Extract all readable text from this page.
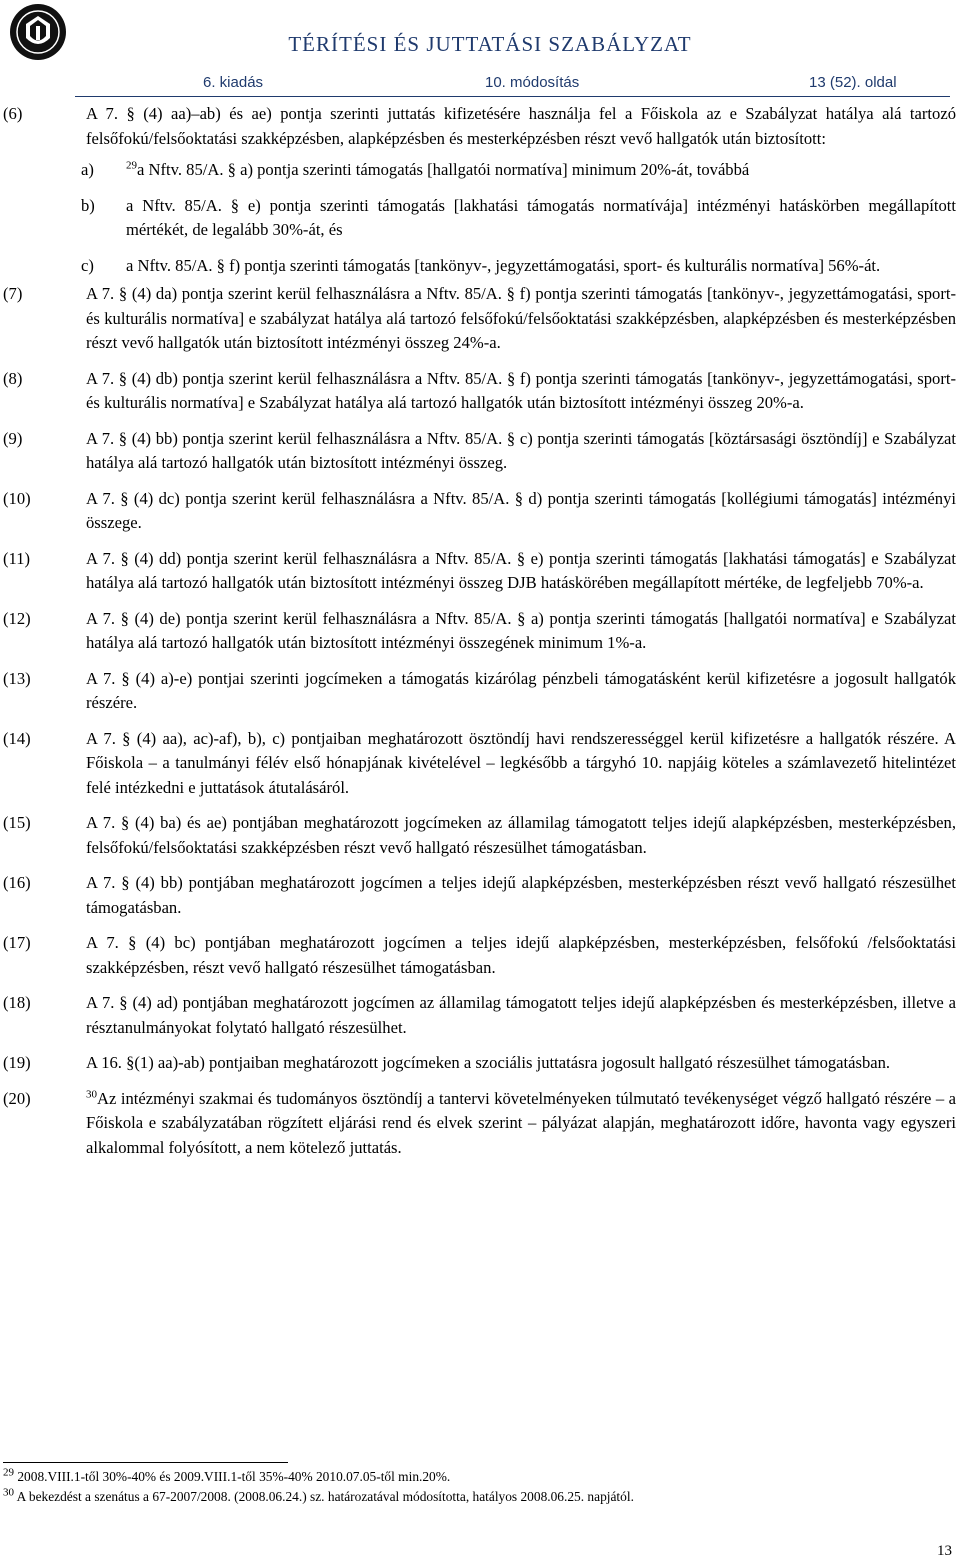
TÉRÍTÉSI ÉS JUTTATÁSI SZABÁLYZAT
6. kiadás	10. módosítás	13 (52). oldal
(6)	A 7. § (4) aa)–ab) és ae) pontja szerinti juttatás kifizetésére használja fel a Főiskola az e Szabályzat hatálya alá tartozó felsőfokú/felsőoktatási szakképzésben, alapképzésben és mesterképzésben részt vevő hallgatók után biztosított:
a)	$^{29}$a Nftv. 85/A. § a) pontja szerinti támogatás [hallgatói normatíva] minimum 20%-át, továbbá
b)	a Nftv. 85/A. § e) pontja szerinti támogatás [lakhatási támogatás normatívája] intézményi hatáskörben megállapított mértékét, de legalább 30%-át, és
c)	a Nftv. 85/A. § f) pontja szerinti támogatás [tankönyv-, jegyzettámogatási, sport- és kulturális normatíva] 56%-át.
(7)	A 7. § (4) da) pontja szerint kerül felhasználásra a Nftv. 85/A. § f) pontja szerinti támogatás [tankönyv-, jegyzettámogatási, sport- és kulturális normatíva] e szabályzat hatálya alá tartozó felsőfokú/felsőoktatási szakképzésben, alapképzésben és mesterképzésben részt vevő hallgatók után biztosított intézményi összeg 24%-a.
(8)	A 7. § (4) db) pontja szerint kerül felhasználásra a Nftv. 85/A. § f) pontja szerinti támogatás [tankönyv-, jegyzettámogatási, sport- és kulturális normatíva] e Szabályzat hatálya alá tartozó hallgatók után biztosított intézményi összeg 20%-a.
(9)	A 7. § (4) bb) pontja szerint kerül felhasználásra a Nftv. 85/A. § c) pontja szerinti támogatás [köztársasági ösztöndíj] e Szabályzat hatálya alá tartozó hallgatók után biztosított intézményi összeg.
(10)	A 7. § (4) dc) pontja szerint kerül felhasználásra a Nftv. 85/A. § d) pontja szerinti támogatás [kollégiumi támogatás] intézményi összege.
(11)	A 7. § (4) dd) pontja szerint kerül felhasználásra a Nftv. 85/A. § e) pontja szerinti támogatás [lakhatási támogatás] e Szabályzat hatálya alá tartozó hallgatók után biztosított intézményi összeg DJB hatáskörében megállapított mértéke, de legfeljebb 70%-a.
(12)	A 7. § (4) de) pontja szerint kerül felhasználásra a Nftv. 85/A. § a) pontja szerinti támogatás [hallgatói normatíva] e Szabályzat hatálya alá tartozó hallgatók után biztosított intézményi összegének minimum 1%-a.
(13)	A 7. § (4) a)-e) pontjai szerinti jogcímeken a támogatás kizárólag pénzbeli támogatásként kerül kifizetésre a jogosult hallgatók részére.
(14)	A 7. § (4) aa), ac)-af), b), c) pontjaiban meghatározott ösztöndíj havi rendszerességgel kerül kifizetésre a hallgatók részére. A Főiskola – a tanulmányi félév első hónapjának kivételével – legkésőbb a tárgyhó 10. napjáig köteles a számlavezető hitelintézet felé intézkedni e juttatások átutalásáról.
(15)	A 7. § (4) ba) és ae) pontjában meghatározott jogcímeken az államilag támogatott teljes idejű alapképzésben, mesterképzésben, felsőfokú/felsőoktatási szakképzésben részt vevő hallgató részesülhet támogatásban.
(16)	A 7. § (4) bb) pontjában meghatározott jogcímen a teljes idejű alapképzésben, mesterképzésben részt vevő hallgató részesülhet támogatásban.
(17)	A 7. § (4) bc) pontjában meghatározott jogcímen a teljes idejű alapképzésben, mesterképzésben, felsőfokú /felsőoktatási szakképzésben, részt vevő hallgató részesülhet támogatásban.
(18)	A 7. § (4) ad) pontjában meghatározott jogcímen az államilag támogatott teljes idejű alapképzésben és mesterképzésben, illetve a résztanulmányokat folytató hallgató részesülhet.
(19)	A 16. §(1) aa)-ab) pontjaiban meghatározott jogcímeken a szociális juttatásra jogosult hallgató részesülhet támogatásban.
(20)	$^{30}$Az intézményi szakmai és tudományos ösztöndíj a tantervi követelményeken túlmutató tevékenységet végző hallgató részére – a Főiskola e szabályzatában rögzített eljárási rend és elvek szerint – pályázat alapján, meghatározott időre, havonta vagy egyszeri alkalommal folyósított, a nem kötelező juttatás.
$^{29}$ 2008.VIII.1-től 30%-40% és 2009.VIII.1-től 35%-40% 2010.07.05-től min.20%.
$^{30}$ A bekezdést a szenátus a 67-2007/2008. (2008.06.24.) sz. határozatával módosította, hatályos 2008.06.25. napjától.
13
